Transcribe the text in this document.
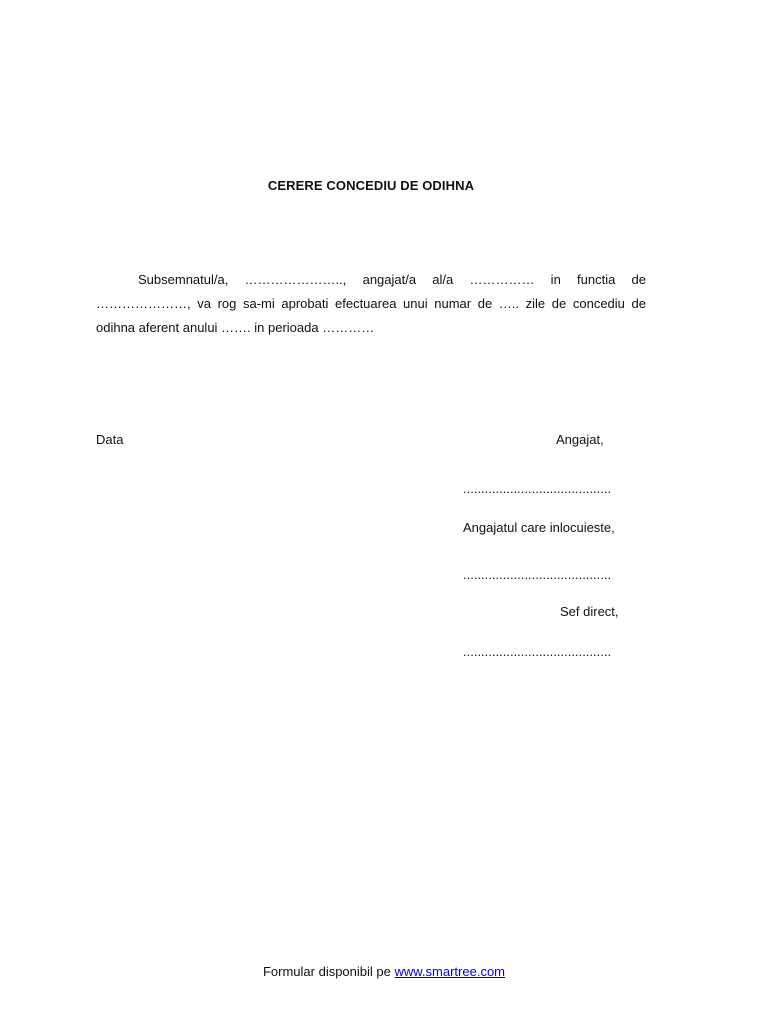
CERERE CONCEDIU DE ODIHNA

Subsemnatul/a, ………………….., angajat/a al/a …………… in functia de …………………, va rog sa-mi aprobati efectuarea unui numar de ….. zile de concediu de odihna aferent anului ……. in perioada …………

Data	Angajat,
.........................................
Angajatul care inlocuieste,
.........................................
Sef direct,
.........................................
Formular disponibil pe www.smartree.com
